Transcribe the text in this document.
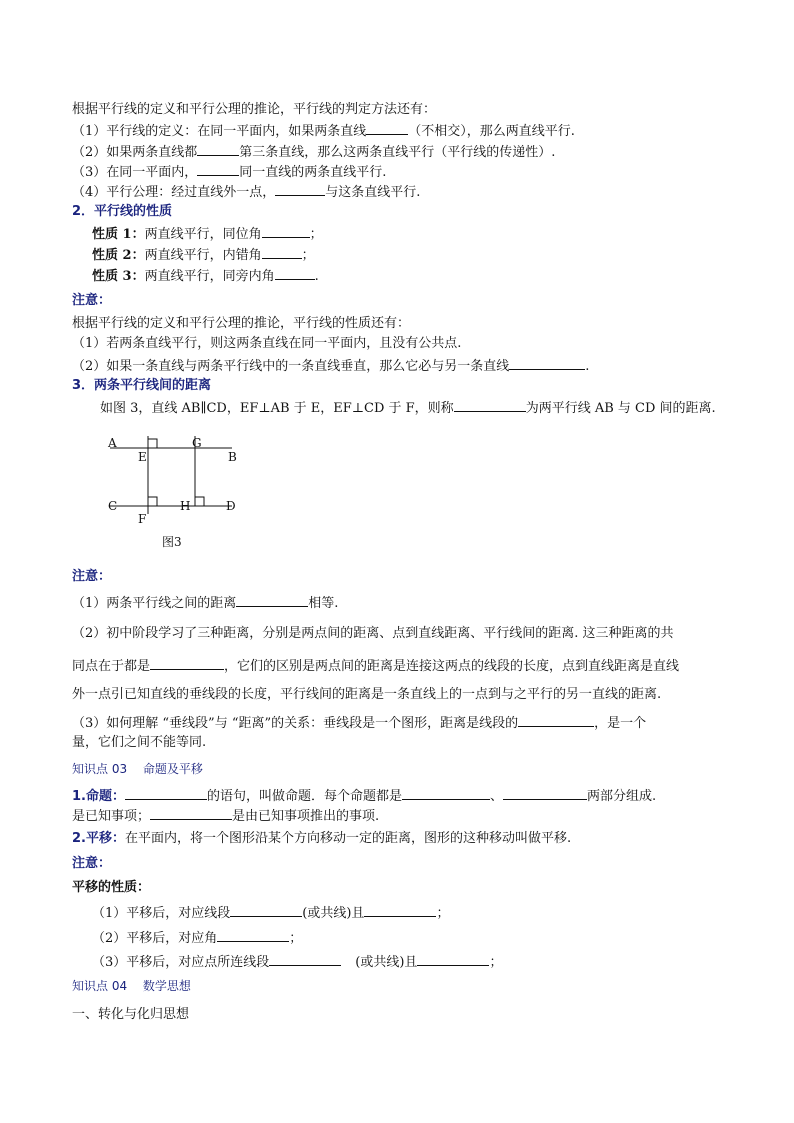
根据平行线的定义和平行公理的推论，平行线的判定方法还有：
（1）平行线的定义：在同一平面内，如果两条直线	（不相交），那么两直线平行.
（2）如果两条直线都	第三条直线，那么这两条直线平行（平行线的传递性）.
（3）在同一平面内，	同一直线的两条直线平行.
（4）平行公理：经过直线外一点，	与这条直线平行.
2．平行线的性质
性质 1：两直线平行，同位角	；
性质 2：两直线平行，内错角	；
性质 3：两直线平行，同旁内角	.
注意：
根据平行线的定义和平行公理的推论，平行线的性质还有：
（1）若两条直线平行，则这两条直线在同一平面内，且没有公共点.
（2）如果一条直线与两条平行线中的一条直线垂直，那么它必与另一条直线	.
3．两条平行线间的距离
如图 3，直线 AB∥CD，EF⊥AB 于 E，EF⊥CD 于 F，则称	为两平行线 AB 与 CD 间的距离.
A
E
G
B
C	H	D
F
图3
注意：
（1）两条平行线之间的距离	相等.
（2）初中阶段学习了三种距离，分别是两点间的距离、点到直线距离、平行线间的距离. 这三种距离的共
同点在于都是	，它们的区别是两点间的距离是连接这两点的线段的长度，点到直线距离是直线
外一点引已知直线的垂线段的长度，平行线间的距离是一条直线上的一点到与之平行的另一直线的距离.
（3）如何理解 “垂线段”与 “距离”的关系：垂线段是一个图形，距离是线段的	，是一个
量，它们之间不能等同.
知识点 03　 命题及平移
1.命题：	的语句，叫做命题．每个命题都是	、	两部分组成.
是已知事项；	是由已知事项推出的事项.
2.平移：在平面内，将一个图形沿某个方向移动一定的距离，图形的这种移动叫做平移.
注意：
平移的性质：
（1）平移后，对应线段	(或共线)且	；
（2）平移后，对应角	；
（3）平移后，对应点所连线段	(或共线)且	；
知识点 04　 数学思想
一、转化与化归思想
